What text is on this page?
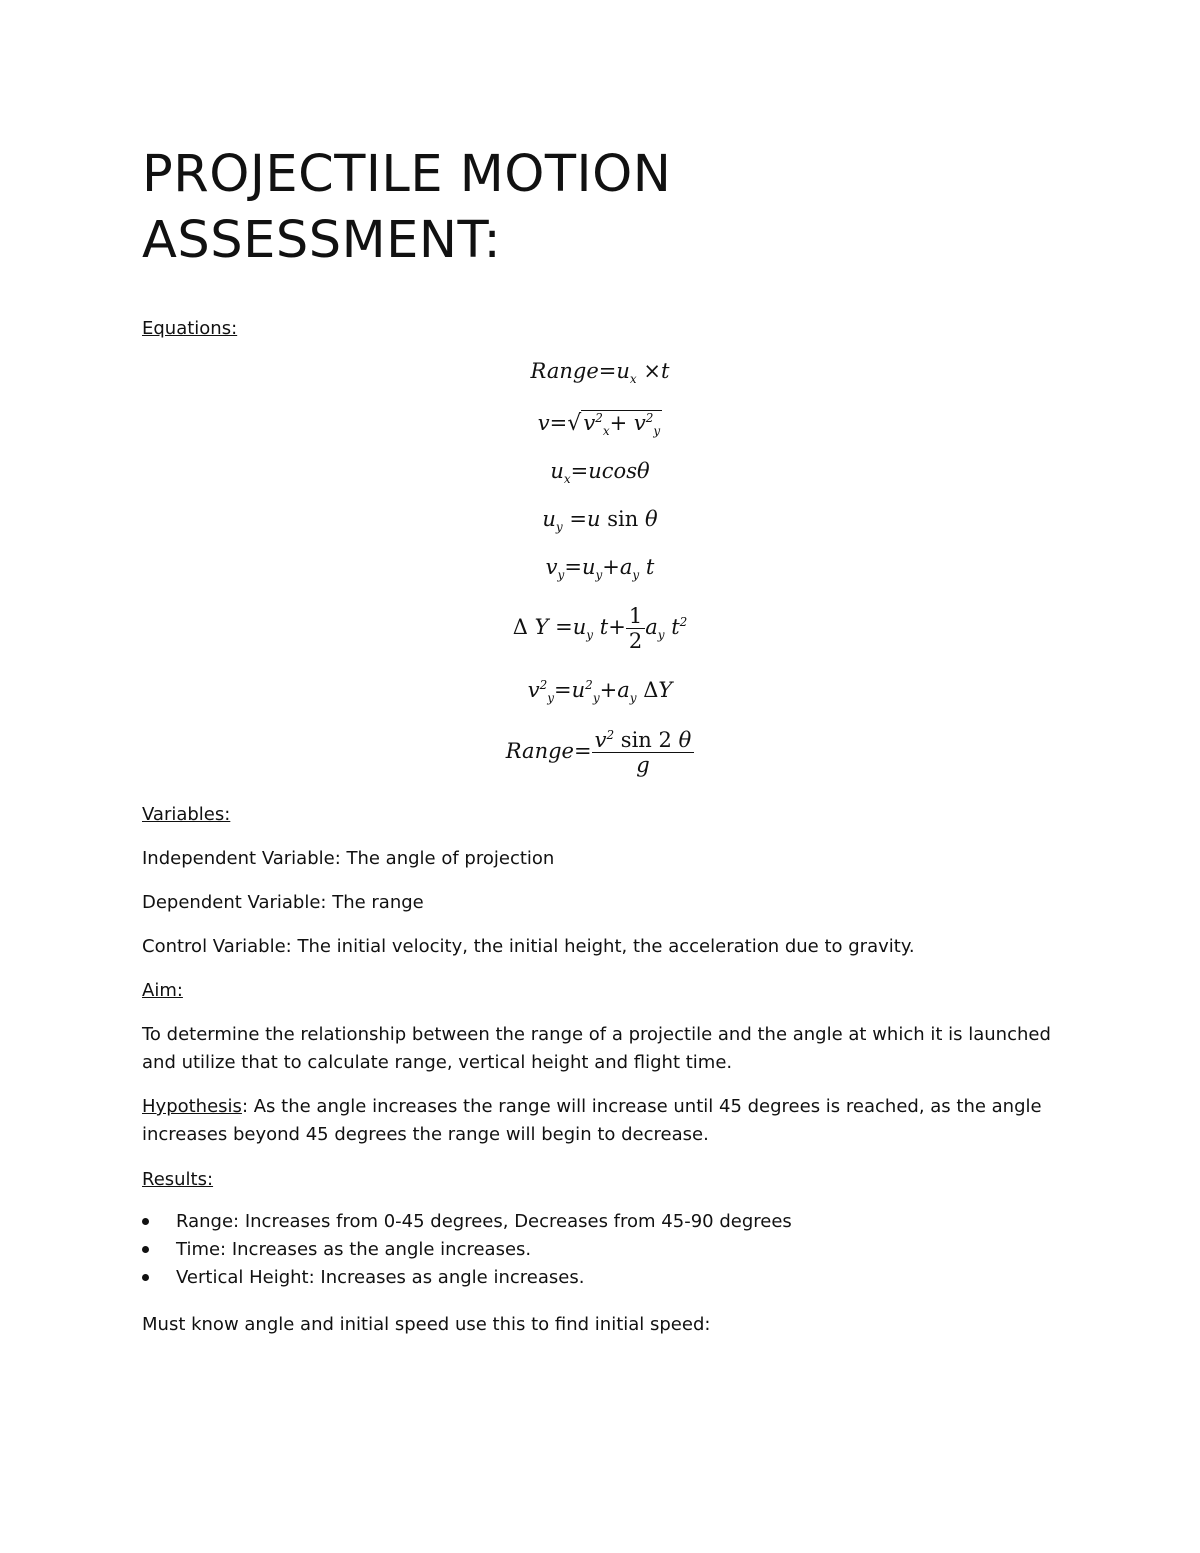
PROJECTILE MOTION
ASSESSMENT:
Equations:
$Range=u_x \times t$
$v=√v^2_x+ v^2_y$
$u_x=ucos\theta$
$u_y =u$ sin θ
$v_y=u_y+a_y$ t
Δ $Y =u_y$ $t+ \frac{1}{2} a_y$ $t^2$
$v^2_y=u^2_y+a_y$ ΔY
Range= $\frac{v^2 \sin 2 \theta}{g}$
Variables:

Independent Variable: The angle of projection

Dependent Variable: The range

Control Variable: The initial velocity, the initial height, the acceleration due to gravity.

Aim:

To determine the relationship between the range of a projectile and the angle at which it is launched and utilize that to calculate range, vertical height and flight time.

Hypothesis: As the angle increases the range will increase until 45 degrees is reached, as the angle increases beyond 45 degrees the range will begin to decrease.

Results:
Range: Increases from 0-45 degrees, Decreases from 45-90 degrees
Time: Increases as the angle increases.
Vertical Height: Increases as angle increases.

Must know angle and initial speed use this to find initial speed:
